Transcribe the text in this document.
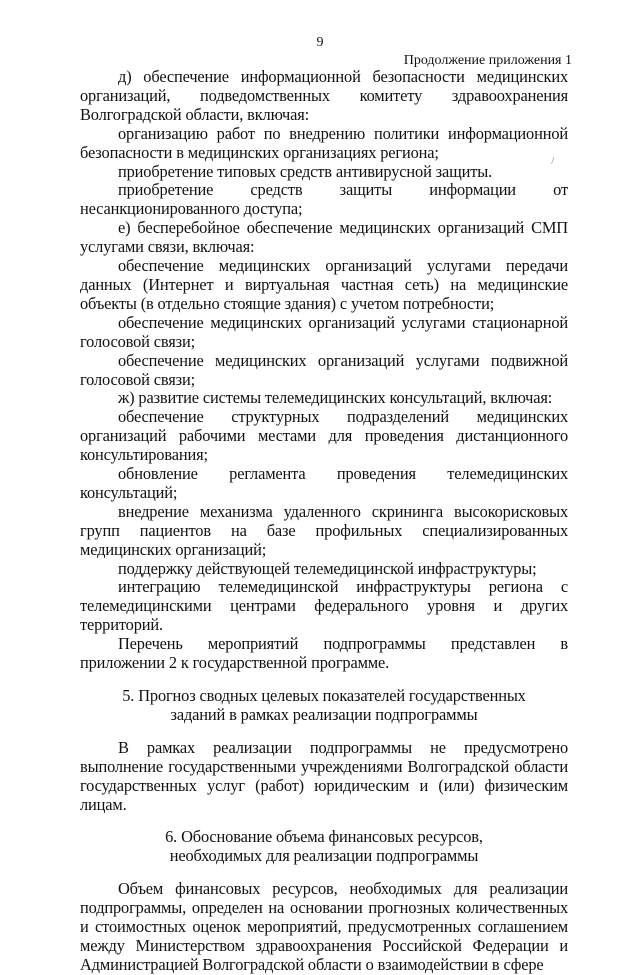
9
Продолжение приложения 1
/

д)  обеспечение  информационной  безопасности  медицинских организаций, подведомственных комитету здравоохранения Волгоградской области, включая:

организацию работ по внедрению политики информационной безопасности в медицинских организациях региона;

приобретение типовых средств антивирусной защиты.

приобретение средств защиты информации от несанкционированного доступа;

е) бесперебойное обеспечение медицинских организаций СМП услугами связи, включая:

обеспечение медицинских организаций услугами передачи данных (Интернет и виртуальная частная сеть) на медицинские объекты (в отдельно стоящие здания) с учетом потребности;

обеспечение медицинских организаций услугами стационарной голосовой связи;

обеспечение медицинских организаций услугами подвижной голосовой связи;

ж) развитие системы телемедицинских консультаций, включая:

обеспечение структурных подразделений медицинских организаций рабочими местами для проведения дистанционного консультирования;

обновление регламента проведения телемедицинских консультаций;

внедрение механизма удаленного скрининга высокорисковых групп пациентов на базе профильных специализированных медицинских организаций;

поддержку действующей телемедицинской инфраструктуры;

интеграцию телемедицинской инфраструктуры региона с телемедицинскими центрами федерального уровня и других территорий.

Перечень мероприятий подпрограммы представлен в приложении 2 к государственной программе.

5. Прогноз сводных целевых показателей государственных
заданий в рамках реализации подпрограммы

В рамках реализации подпрограммы не предусмотрено выполнение государственными учреждениями Волгоградской области государственных услуг (работ) юридическим и (или) физическим лицам.

6. Обоснование объема финансовых ресурсов,
необходимых для реализации подпрограммы

Объем финансовых ресурсов, необходимых для реализации подпрограммы, определен на основании прогнозных количественных и стоимостных оценок мероприятий, предусмотренных соглашением между Министерством здравоохранения Российской Федерации и Администрацией Волгоградской области о взаимодействии в сфере
